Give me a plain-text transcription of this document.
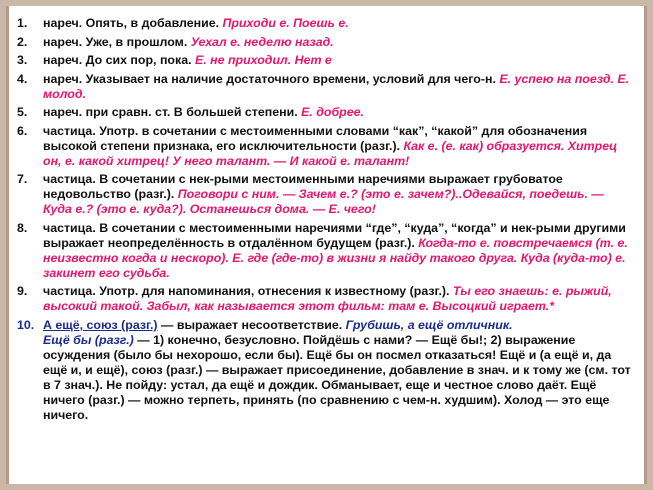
1.	нареч. Опять, в добавление. Приходи е. Поешь е.
2.	нареч. Уже, в прошлом. Уехал е. неделю назад.
3.	нареч. До сих пор, пока. Е. не приходил. Нет е
4.	нареч. Указывает на наличие достаточного времени, условий для чего-н. Е. успею на поезд. Е. молод.
5.	нареч. при сравн. ст. В большей степени. Е. добрее.
6.	частица. Употр. в сочетании с местоименными словами “как”, “какой” для обозначения высокой степени признака, его исключительности (разг.). Как е. (е. как) образуется. Хитрец он, е. какой хитрец! У него талант. — И какой е. талант!
7.	частица. В сочетании с нек-рыми местоименными наречиями выражает грубоватое недовольство (разг.). Поговори с ним. — Зачем е.? (это е. зачем?)..Одевайся, поедешь. — Куда е.? (это е. куда?). Останешься дома. — Е. чего!
8.	частица. В сочетании с местоименными наречиями “где”, “куда”, “когда” и нек-рыми другими выражает неопределённость в отдалённом будущем (разг.). Когда-то е. повстречаемся (т. е. неизвестно когда и нескоро). Е. где (где-то) в жизни я найду такого друга. Куда (куда-то) е. закинет его судьба.
9.	частица. Употр. для напоминания, отнесения к известному (разг.). Ты его знаешь: е. рыжий, высокий такой. Забыл, как называется этот фильм: там е. Высоцкий играет.*
10. А ещё, союз (разг.) — выражает несоответствие. Грубишь, а ещё отличник.
Ещё бы (разг.) — 1) конечно, безусловно. Пойдёшь с нами? — Ещё бы!; 2) выражение осуждения (было бы нехорошо, если бы). Ещё бы он посмел отказаться! Ещё и (а ещё и, да ещё и, и ещё), союз (разг.) — выражает присоединение, добавление в знач. и к тому же (см. тот в 7 знач.). Не пойду: устал, да ещё и дождик. Обманывает, еще и честное слово даёт. Ещё ничего (разг.) — можно терпеть, принять (по сравнению с чем-н. худшим). Холод — это еще ничего.
